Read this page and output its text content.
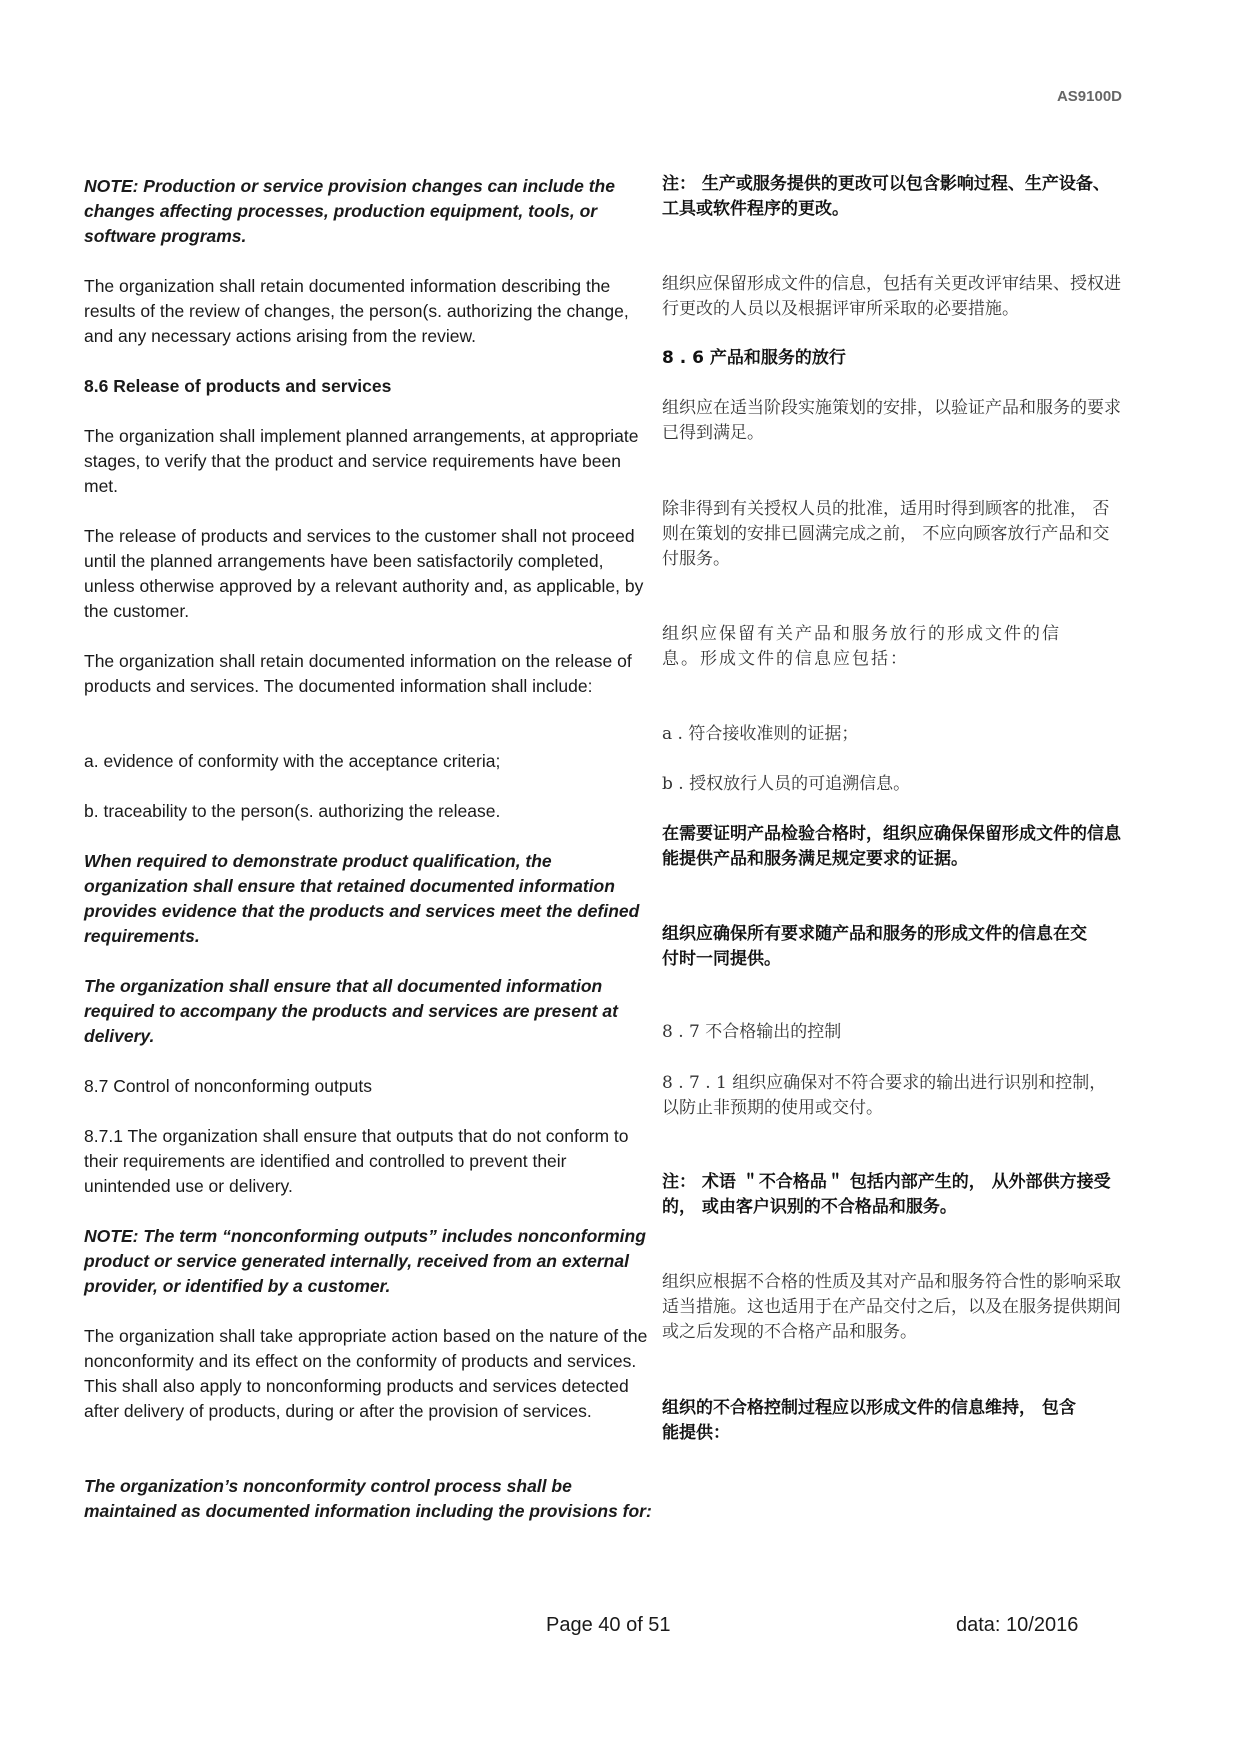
AS9100D

NOTE: Production or service provision changes can include the changes affecting processes, production equipment, tools, or software programs.

The organization shall retain documented information describing the results of the review of changes, the person(s. authorizing the change, and any necessary actions arising from the review.

8.6 Release of products and services

The organization shall implement planned arrangements, at appropriate stages, to verify that the product and service requirements have been met.

The release of products and services to the customer shall not proceed until the planned arrangements have been satisfactorily completed, unless otherwise approved by a relevant authority and, as applicable, by the customer.

The organization shall retain documented information on the release of products and services. The documented information shall include:

a. evidence of conformity with the acceptance criteria;

b. traceability to the person(s. authorizing the release.

When required to demonstrate product qualification, the organization shall ensure that retained documented information provides evidence that the products and services meet the defined requirements.

The organization shall ensure that all documented information required to accompany the products and services are present at delivery.

8.7 Control of nonconforming outputs

8.7.1 The organization shall ensure that outputs that do not conform to their requirements are identified and controlled to prevent their unintended use or delivery.

NOTE: The term “nonconforming outputs” includes nonconforming product or service generated internally, received from an external provider, or identified by a customer.

The organization shall take appropriate action based on the nature of the nonconformity and its effect on the conformity of products and services. This shall also apply to nonconforming products and services detected after delivery of products, during or after the provision of services.

The organization’s nonconformity control process shall be maintained as documented information including the provisions for:

注： 生产或服务提供的更改可以包含影响过程、生产设备、工具或软件程序的更改。

组织应保留形成文件的信息，包括有关更改评审结果、授权进行更改的人员以及根据评审所采取的必要措施。

8 . 6 产品和服务的放行

组织应在适当阶段实施策划的安排，以验证产品和服务的要求已得到满足。

除非得到有关授权人员的批准，适用时得到顾客的批准， 否则在策划的安排已圆满完成之前， 不应向顾客放行产品和交付服务。

组织应保留有关产品和服务放行的形成文件的信息。形成文件的信息应包括：

a . 符合接收准则的证据；

b . 授权放行人员的可追溯信息。

在需要证明产品检验合格时，组织应确保保留形成文件的信息能提供产品和服务满足规定要求的证据。

组织应确保所有要求随产品和服务的形成文件的信息在交付时一同提供。

8 . 7 不合格输出的控制

8 . 7 . 1 组织应确保对不符合要求的输出进行识别和控制， 以防止非预期的使用或交付。

注： 术语 ＂不合格品＂ 包括内部产生的， 从外部供方接受的， 或由客户识别的不合格品和服务。

组织应根据不合格的性质及其对产品和服务符合性的影响采取适当措施。这也适用于在产品交付之后，以及在服务提供期间或之后发现的不合格产品和服务。

组织的不合格控制过程应以形成文件的信息维持， 包含能提供：

Page 40 of 51	data: 10/2016
